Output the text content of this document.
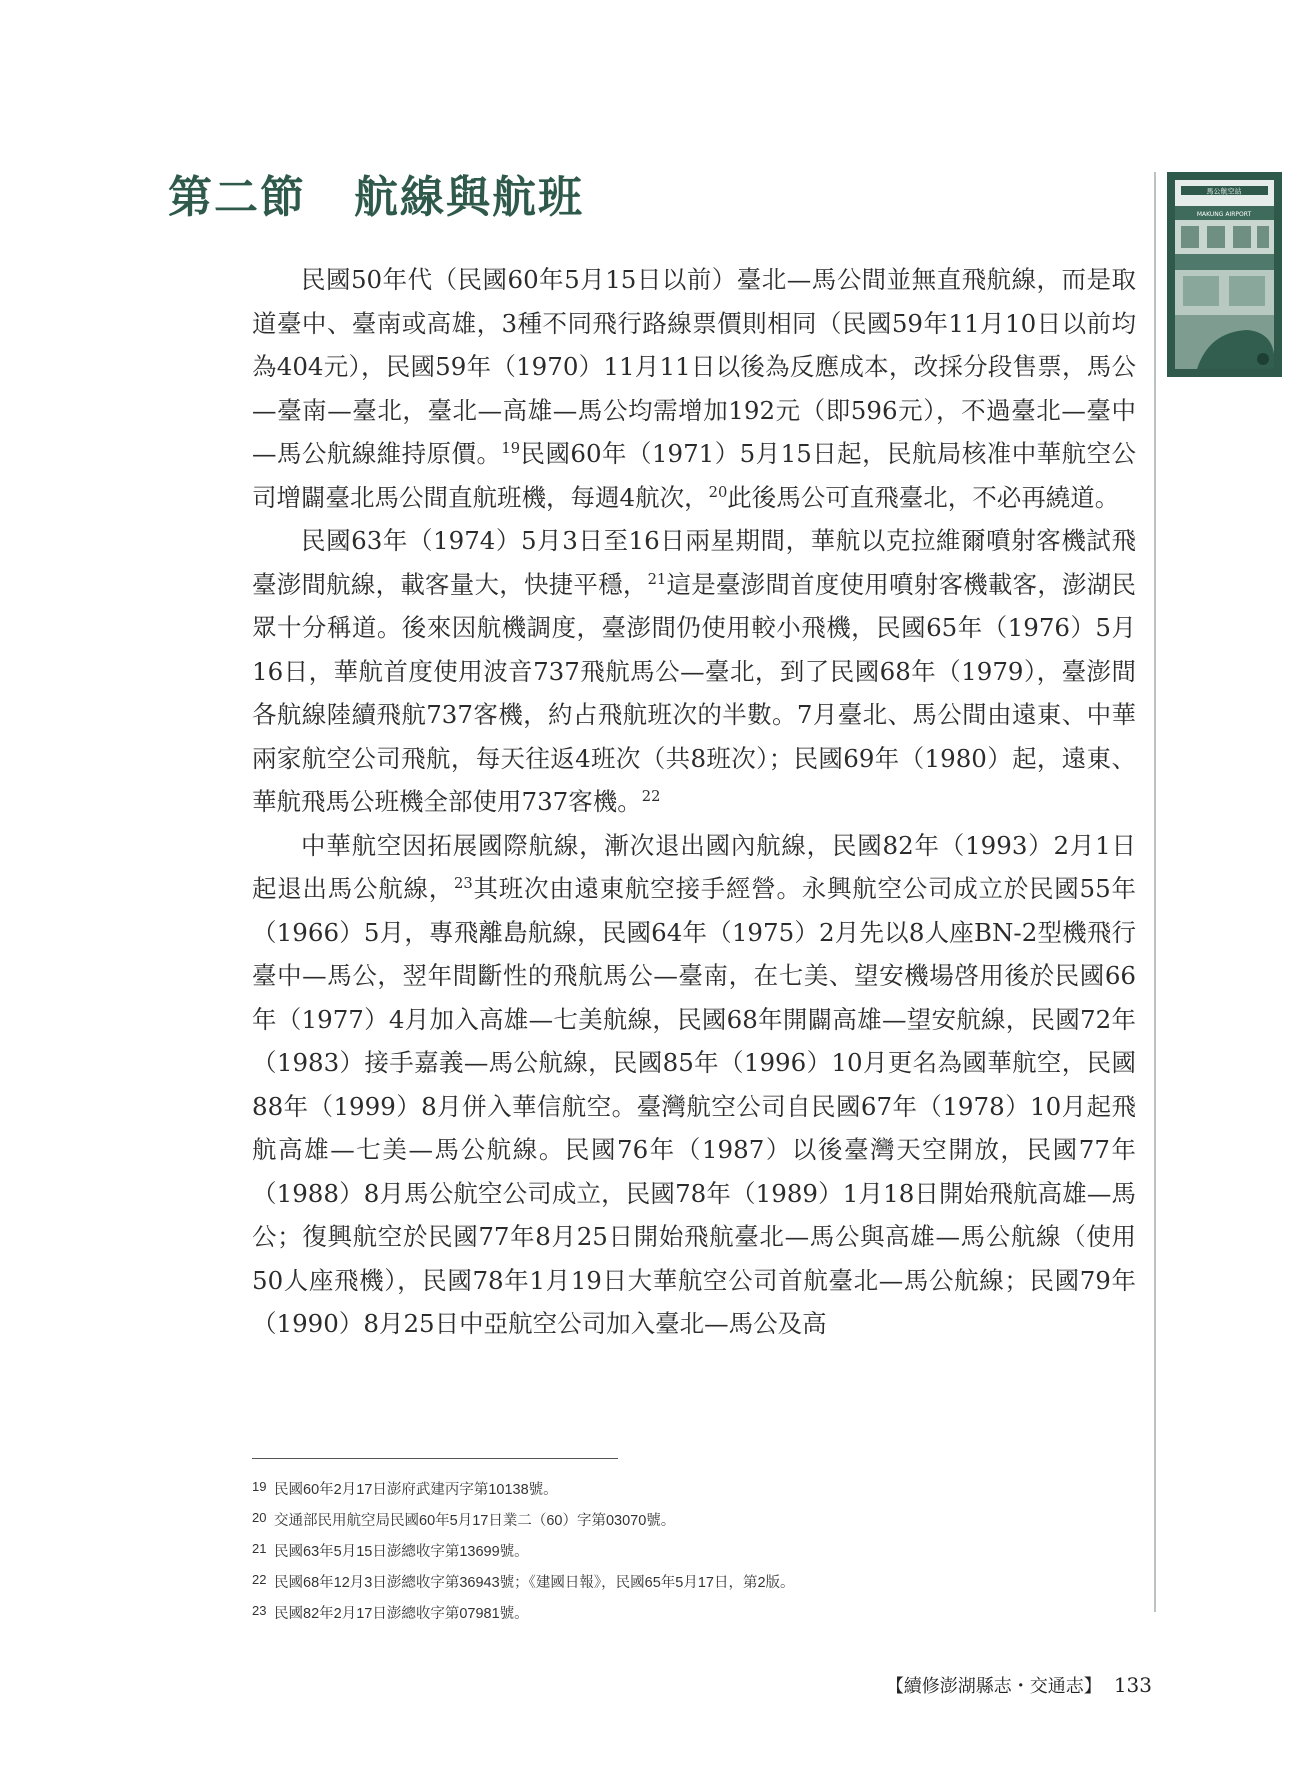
第二節 航線與航班	馬公航空站
MAKUNG AIRPORT

民國50年代（民國60年5月15日以前）臺北—馬公間並無直飛航線，而是取道臺中、臺南或高雄，3種不同飛行路線票價則相同（民國59年11月10日以前均為404元），民國59年（1970）11月11日以後為反應成本，改採分段售票，馬公—臺南—臺北，臺北—高雄—馬公均需增加192元（即596元），不過臺北—臺中—馬公航線維持原價。$^{19}$民國60年（1971）5月15日起，民航局核准中華航空公司增闢臺北馬公間直航班機，每週4航次，$^{20}$此後馬公可直飛臺北，不必再繞道。

民國63年（1974）5月3日至16日兩星期間，華航以克拉維爾噴射客機試飛臺澎間航線，載客量大，快捷平穩，$^{21}$這是臺澎間首度使用噴射客機載客，澎湖民眾十分稱道。後來因航機調度，臺澎間仍使用較小飛機，民國65年（1976）5月16日，華航首度使用波音737飛航馬公—臺北，到了民國68年（1979），臺澎間各航線陸續飛航737客機，約占飛航班次的半數。7月臺北、馬公間由遠東、中華兩家航空公司飛航，每天往返4班次（共8班次）；民國69年（1980）起，遠東、華航飛馬公班機全部使用737客機。$^{22}$

中華航空因拓展國際航線，漸次退出國內航線，民國82年（1993）2月1日起退出馬公航線，$^{23}$其班次由遠東航空接手經營。永興航空公司成立於民國55年（1966）5月，專飛離島航線，民國64年（1975）2月先以8人座BN-2型機飛行臺中—馬公，翌年間斷性的飛航馬公—臺南，在七美、望安機場啓用後於民國66年（1977）4月加入高雄—七美航線，民國68年開闢高雄—望安航線，民國72年（1983）接手嘉義—馬公航線，民國85年（1996）10月更名為國華航空，民國88年（1999）8月併入華信航空。臺灣航空公司自民國67年（1978）10月起飛航高雄—七美—馬公航線。民國76年（1987）以後臺灣天空開放，民國77年（1988）8月馬公航空公司成立，民國78年（1989）1月18日開始飛航高雄—馬公；復興航空於民國77年8月25日開始飛航臺北—馬公與高雄—馬公航線（使用50人座飛機），民國78年1月19日大華航空公司首航臺北—馬公航線；民國79年（1990）8月25日中亞航空公司加入臺北—馬公及高

19 民國60年2月17日澎府武建丙字第10138號。
20 交通部民用航空局民國60年5月17日業二（60）字第03070號。
21 民國63年5月15日澎總收字第13699號。
22 民國68年12月3日澎總收字第36943號；《建國日報》，民國65年5月17日，第2版。
23 民國82年2月17日澎總收字第07981號。
【續修澎湖縣志・交通志】 133
